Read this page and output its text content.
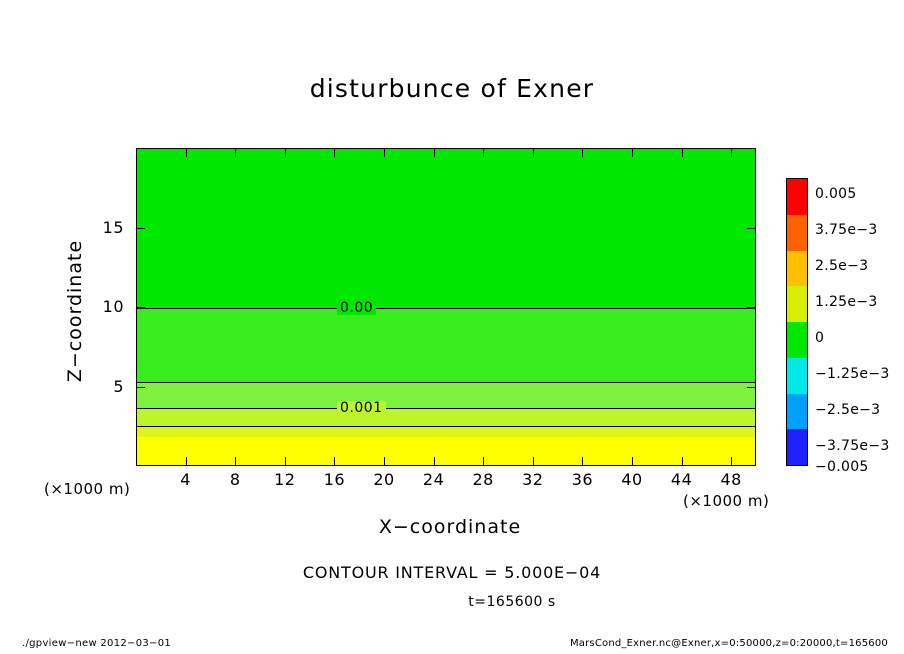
disturbunce of Exner
0.00
0.001
4	8	12	16	20	24	28	32	36	40	44	48
5
10
15
Z−coordinate
X−coordinate
(×1000 m)
(×1000 m)
0.005
3.75e−3
2.5e−3
1.25e−3
0
−1.25e−3
−2.5e−3
−3.75e−3
−0.005
CONTOUR INTERVAL = 5.000E−04
t=165600 s
./gpview−new 2012−03−01	MarsCond_Exner.nc@Exner,x=0:50000,z=0:20000,t=165600
